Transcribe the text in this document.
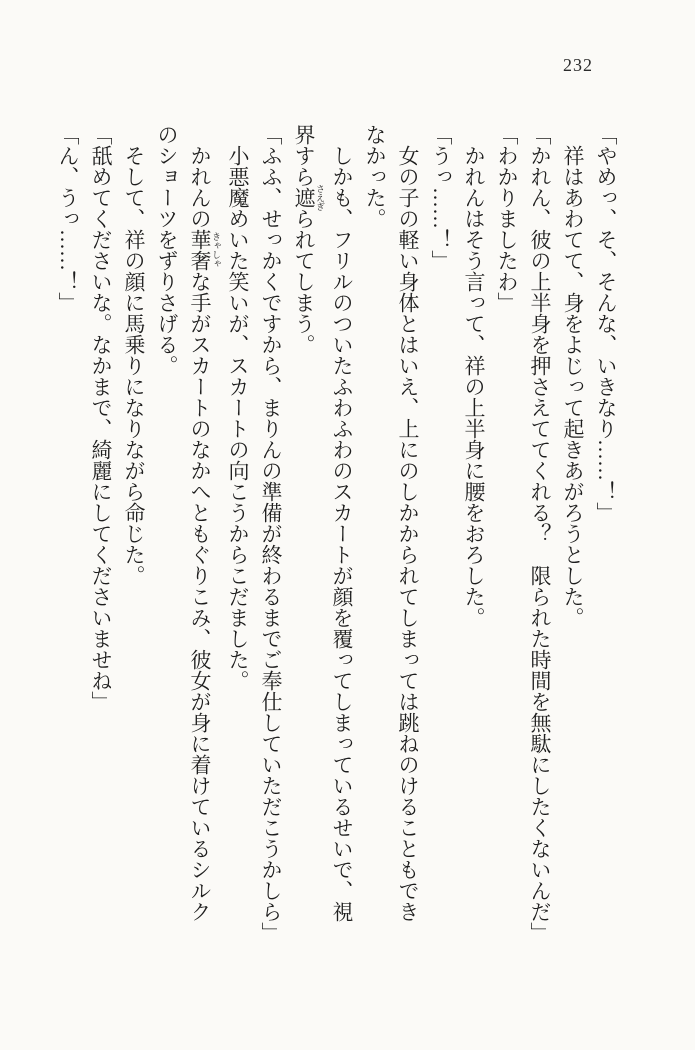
232
「やめっ、そ、そんな、いきなり……！」
　祥はあわてて、身をよじって起きあがろうとした。
「かれん、彼の上半身を押さえててくれる？　限られた時間を無駄にしたくないんだ」
「わかりましたわ」
　かれんはそう言って、祥の上半身に腰をおろした。
「うっ……！」
　女の子の軽い身体とはいえ、上にのしかかられてしまっては跳ねのけることもでき
なかった。
　しかも、フリルのついたふわふわのスカートが顔を覆ってしまっているせいで、視
界すら遮 さえぎられてしまう。
「ふふ、せっかくですから、まりんの準備が終わるまでご奉仕していただこうかしら」
　小悪魔めいた笑いが、スカートの向こうからこだました。
　かれんの華奢 きゃしゃな手がスカートのなかへともぐりこみ、彼女が身に着けているシルク
のショーツをずりさげる。
　そして、祥の顔に馬乗りになりながら命じた。
「舐めてくださいな。なかまで、綺麗にしてくださいませね」
「ん、うっ……！」
